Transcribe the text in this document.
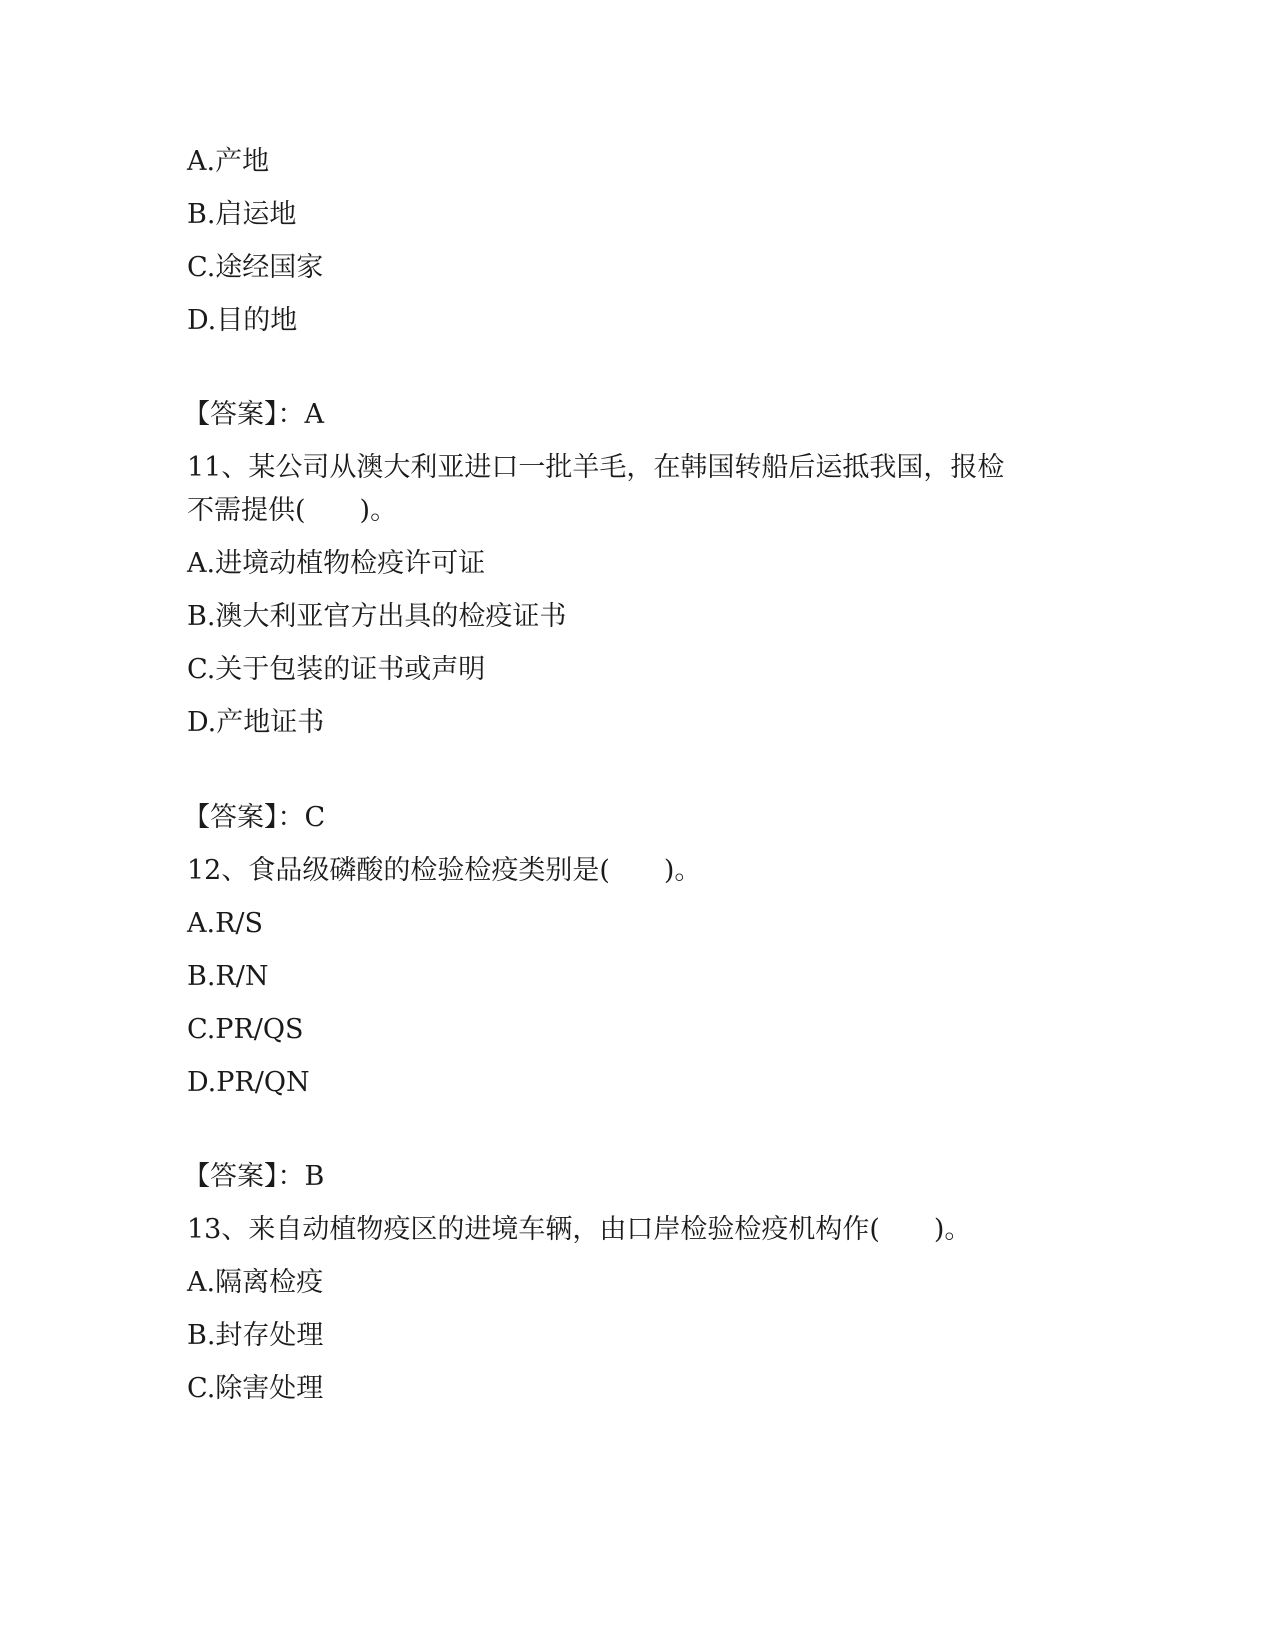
A.产地

B.启运地

C.途经国家

D.目的地

【答案】：A

11、某公司从澳大利亚进口一批羊毛，在韩国转船后运抵我国，报检

不需提供(　　)。

A.进境动植物检疫许可证

B.澳大利亚官方出具的检疫证书

C.关于包装的证书或声明

D.产地证书

【答案】：C

12、食品级磷酸的检验检疫类别是(　　)。

A.R/S

B.R/N

C.PR/QS

D.PR/QN

【答案】：B

13、来自动植物疫区的进境车辆，由口岸检验检疫机构作(　　)。

A.隔离检疫

B.封存处理

C.除害处理
